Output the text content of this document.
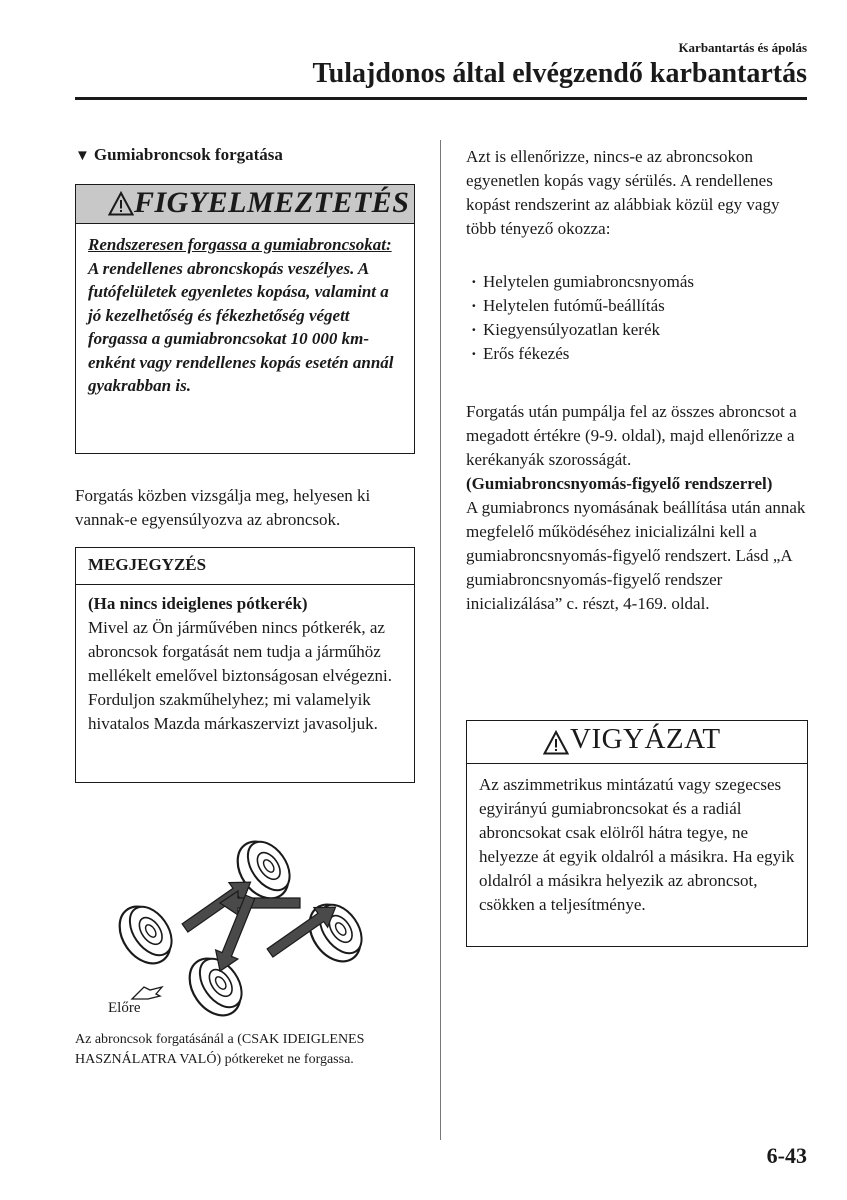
Karbantartás és ápolás
Tulajdonos által elvégzendő karbantartás
▼ Gumiabroncsok forgatása
FIGYELMEZTETÉS
Rendszeresen forgassa a gumiabroncsokat:
A rendellenes abroncskopás veszélyes. A futófelületek egyenletes kopása, valamint a jó kezelhetőség és fékezhetőség végett forgassa a gumiabroncsokat 10 000 km-enként vagy rendellenes kopás esetén annál gyakrabban is.
Forgatás közben vizsgálja meg, helyesen ki vannak-e egyensúlyozva az abroncsok.
MEGJEGYZÉS
(Ha nincs ideiglenes pótkerék)
Mivel az Ön járművében nincs pótkerék, az abroncsok forgatását nem tudja a járműhöz mellékelt emelővel biztonságosan elvégezni. Forduljon szakműhelyhez; mi valamelyik hivatalos Mazda márkaszervizt javasoljuk.
Előre
Az abroncsok forgatásánál a (CSAK IDEIGLENES HASZNÁLATRA VALÓ) pótkereket ne forgassa.
Azt is ellenőrizze, nincs-e az abroncsokon egyenetlen kopás vagy sérülés. A rendellenes kopást rendszerint az alábbiak közül egy vagy több tényező okozza:
· Helytelen gumiabroncsnyomás
· Helytelen futómű-beállítás
· Kiegyensúlyozatlan kerék
· Erős fékezés
Forgatás után pumpálja fel az összes abroncsot a megadott értékre (9-9. oldal), majd ellenőrizze a kerékanyák szorosságát.
(Gumiabroncsnyomás-figyelő rendszerrel)
A gumiabroncs nyomásának beállítása után annak megfelelő működéséhez inicializálni kell a gumiabroncsnyomás-figyelő rendszert. Lásd „A gumiabroncsnyomás-figyelő rendszer inicializálása” c. részt, 4-169. oldal.
VIGYÁZAT
Az aszimmetrikus mintázatú vagy szegecses egyirányú gumiabroncsokat és a radiál abroncsokat csak elölről hátra tegye, ne helyezze át egyik oldalról a másikra. Ha egyik oldalról a másikra helyezik az abroncsot, csökken a teljesítménye.
6-43
